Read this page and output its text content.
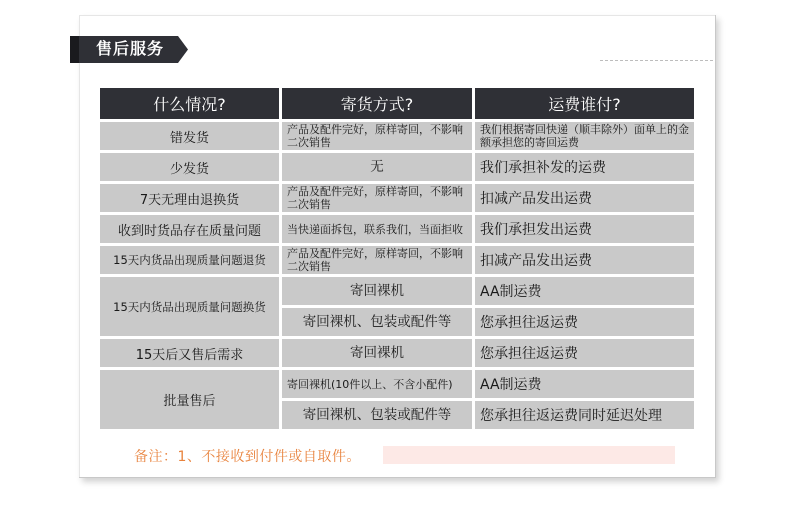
售后服务
什么情况?	寄货方式?	运费谁付?
错发货	产品及配件完好，原样寄回，不影响二次销售	我们根据寄回快递（顺丰除外）面单上的金额承担您的寄回运费
少发货	无	我们承担补发的运费
7天无理由退换货	产品及配件完好，原样寄回，不影响二次销售	扣减产品发出运费
收到时货品存在质量问题	当快递面拆包，联系我们，当面拒收	我们承担发出运费
15天内货品出现质量问题退货	产品及配件完好，原样寄回，不影响二次销售	扣减产品发出运费
15天内货品出现质量问题换货	寄回裸机	AA制运费
	寄回裸机、包装或配件等	您承担往返运费
15天后又售后需求	寄回裸机	您承担往返运费
批量售后	寄回裸机(10件以上、不含小配件)	AA制运费
	寄回裸机、包装或配件等	您承担往返运费同时延迟处理
备注：1、不接收到付件或自取件。
